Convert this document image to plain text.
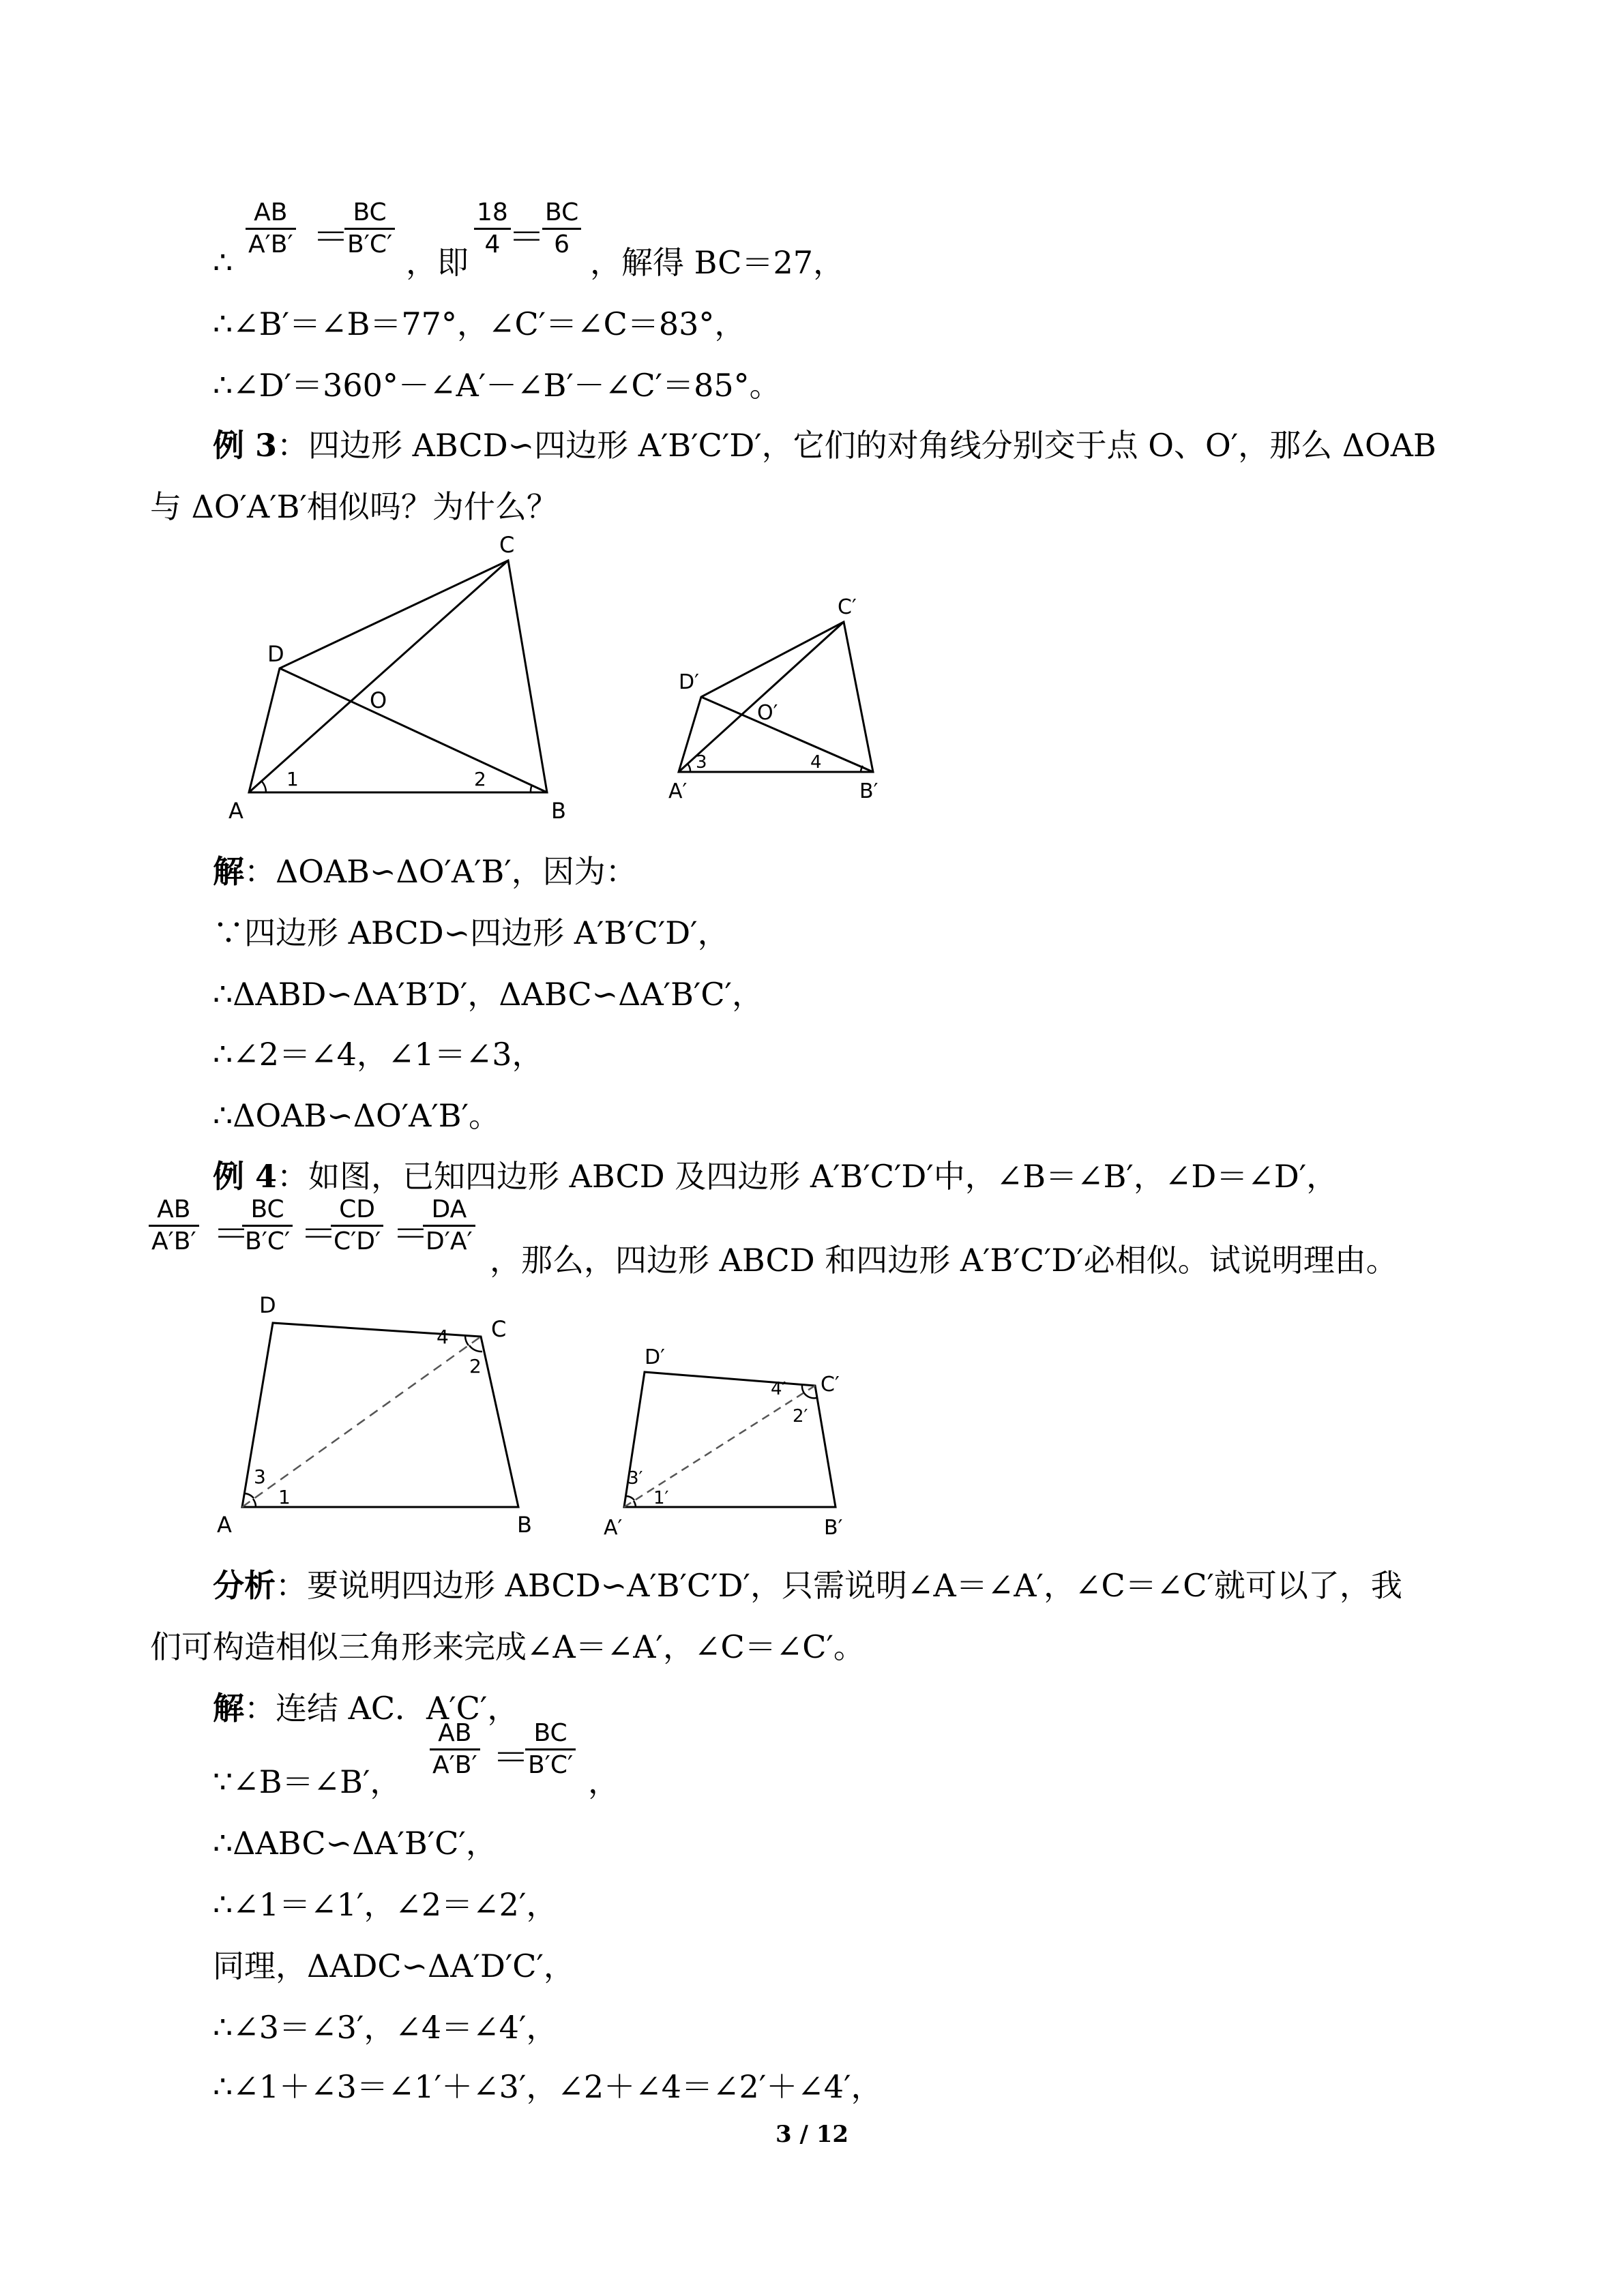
∴
$\frac{AB}{A'B'}$ ＝
$\frac{BC}{B'C'}$
，即
$\frac{18}{4}$
＝
$\frac{BC}{6}$
，解得 BC＝27，
∴∠B′＝∠B＝77°，∠C′＝∠C＝83°，
∴∠D′＝360°－∠A′－∠B′－∠C′＝85°。
例 3：四边形 ABCD∽四边形 A′B′C′D′，它们的对角线分别交于点 O、O′，那么 ΔOAB
与 ΔO′A′B′相似吗？为什么？
C
D
O
A	B
1	2
C′
D′
O′
A′	B′
3	4
解：ΔOAB∽ΔO′A′B′，因为：
∵四边形 ABCD∽四边形 A′B′C′D′，
∴ΔABD∽ΔA′B′D′，ΔABC∽ΔA′B′C′，
∴∠2＝∠4，∠1＝∠3，
∴ΔOAB∽ΔO′A′B′。
例 4：如图，已知四边形 ABCD 及四边形 A′B′C′D′中，∠B＝∠B′，∠D＝∠D′，
$\frac{AB}{A'B'}$ ＝
$\frac{BC}{B'C'}$ ＝
$\frac{CD}{C'D'}$ ＝
$\frac{DA}{D'A'}$
，那么，四边形 ABCD 和四边形 A′B′C′D′必相似。试说明理由。
D
C
A	B
4
2
3
1
D′
C′
A′	B′
4′
2′
3′
1′
分析：要说明四边形 ABCD∽A′B′C′D′，只需说明∠A＝∠A′，∠C＝∠C′就可以了，我
们可构造相似三角形来完成∠A＝∠A′，∠C＝∠C′。
解：连结 AC．A′C′，
∵∠B＝∠B′，
$\frac{AB}{A'B'}$ ＝
$\frac{BC}{B'C'}$
，
∴ΔABC∽ΔA′B′C′，
∴∠1＝∠1′，∠2＝∠2′，
同理，ΔADC∽ΔA′D′C′，
∴∠3＝∠3′，∠4＝∠4′，
∴∠1＋∠3＝∠1′＋∠3′，∠2＋∠4＝∠2′＋∠4′，
3 / 12
